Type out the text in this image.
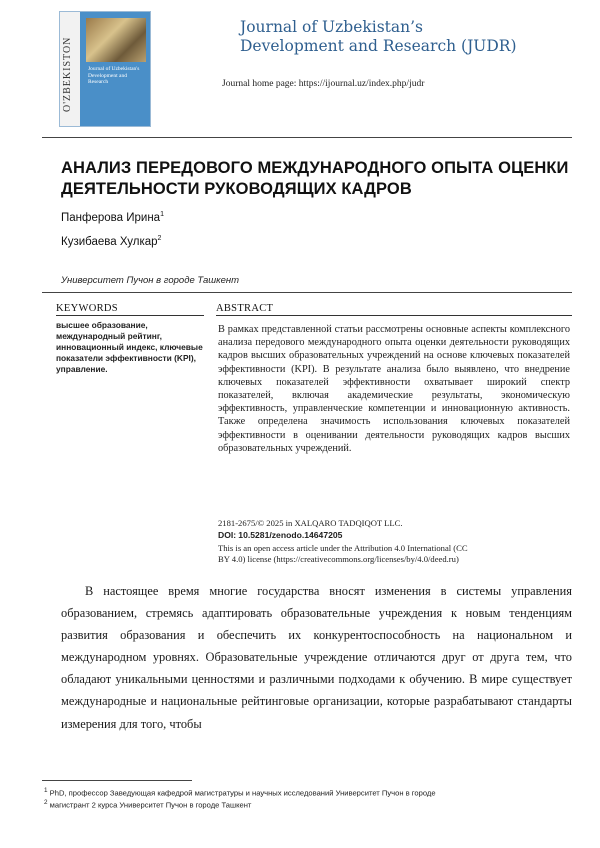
O'ZBEKISTON	Journal of Uzbekistan's Development and Research
Journal of Uzbekistan’s
Development and Research (JUDR)
Journal home page: https://ijournal.uz/index.php/judr
АНАЛИЗ ПЕРЕДОВОГО МЕЖДУНАРОДНОГО ОПЫТА ОЦЕНКИ
ДЕЯТЕЛЬНОСТИ РУКОВОДЯЩИХ КАДРОВ
Панферова Ирина$^1$
Кузибаева Хулкар$^2$
Университет Пучон в городе Ташкент
KEYWORDS
высшее образование, международный рейтинг, инновационный индекс, ключевые показатели эффективности (KPI), управление.
ABSTRACT
В рамках представленной статьи рассмотрены основные аспекты комплексного анализа передового международного опыта оценки деятельности руководящих кадров высших образовательных учреждений на основе ключевых показателей эффективности (KPI). В результате анализа было выявлено, что внедрение ключевых показателей эффективности охватывает широкий спектр показателей, включая академические результаты, экономическую эффективность, управленческие компетенции и инновационную активность. Также определена значимость использования ключевых показателей эффективности в оценивании деятельности руководящих кадров высших образовательных учреждений.
2181-2675/© 2025 in XALQARO TADQIQOT LLC.
DOI: 10.5281/zenodo.14647205
This is an open access article under the Attribution 4.0 International (CC
BY 4.0) license (https://creativecommons.org/licenses/by/4.0/deed.ru)
В настоящее время многие государства вносят изменения в системы управления образованием, стремясь адаптировать образовательные учреждения к новым тенденциям развития образования и обеспечить их конкурентоспособность на национальном и международном уровнях. Образовательные учреждение отличаются друг от друга тем, что обладают уникальными ценностями и различными подходами к обучению. В мире существует международные и национальные рейтинговые организации, которые разрабатывают стандарты измерения для того, чтобы
$^1$ PhD, профессор Заведующая кафедрой магистратуры и научных исследований Университет Пучон в городе
$^2$ магистрант 2 курса Университет Пучон в городе Ташкент
